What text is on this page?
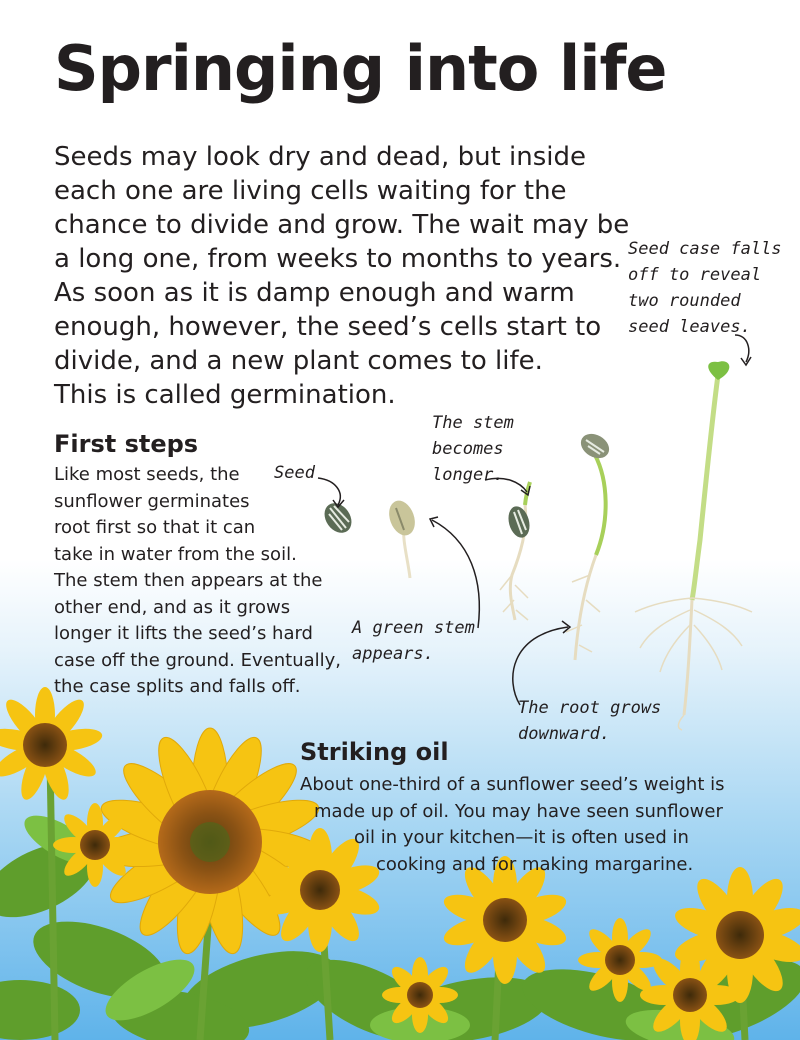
Springing into life
Seeds may look dry and dead, but inside
each one are living cells waiting for the
chance to divide and grow. The wait may be
a long one, from weeks to months to years.
As soon as it is damp enough and warm
enough, however, the seed’s cells start to
divide, and a new plant comes to life.
This is called germination.
First steps
Like most seeds, the
sunflower germinates
root first so that it can
take in water from the soil.
The stem then appears at the
other end, and as it grows
longer it lifts the seed’s hard
case off the ground. Eventually,
the case splits and falls off.
Striking oil
About one-third of a sunflower seed’s weight is
made up of oil. You may have seen sunflower
oil in your kitchen—it is often used in
cooking and for making margarine.
Seed
A green stem
appears.
The stem
becomes
longer.
The root grows
downward.
Seed case falls
off to reveal
two rounded
seed leaves.
